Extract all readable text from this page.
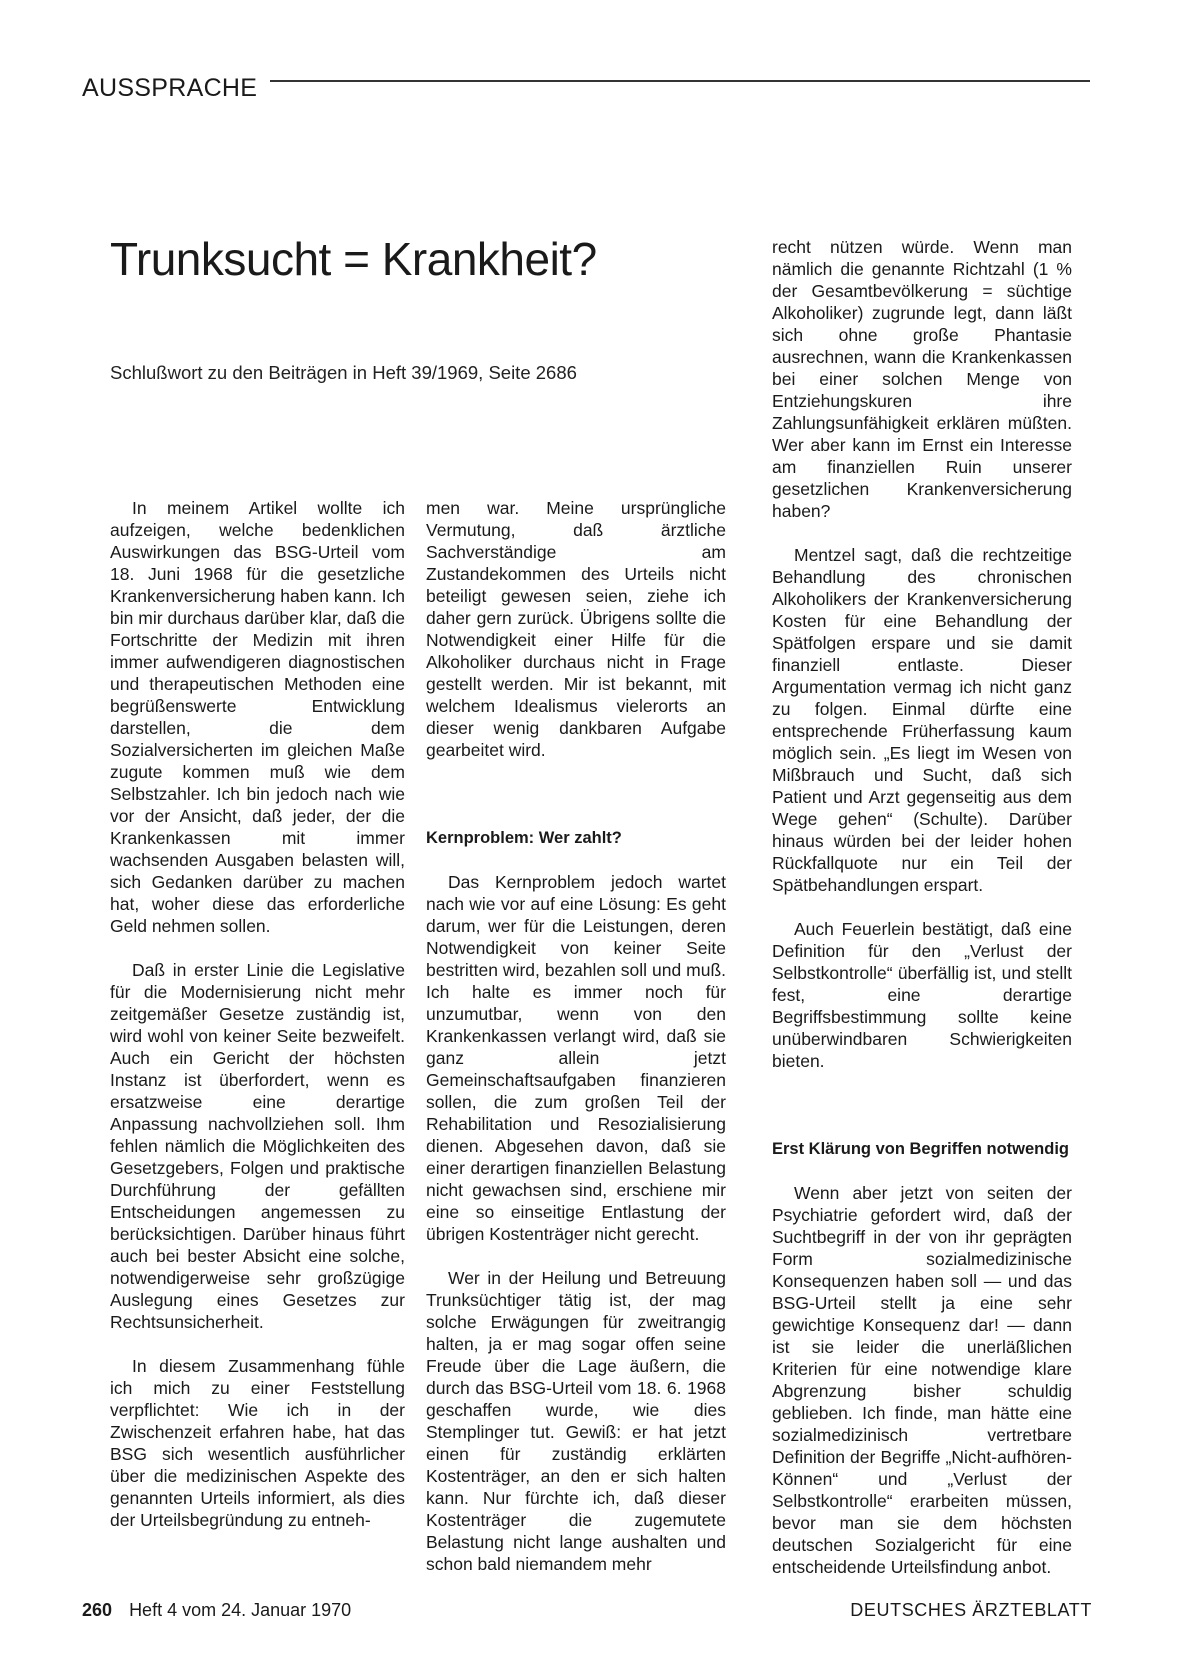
AUSSPRACHE
Trunksucht = Krankheit?
Schlußwort zu den Beiträgen in Heft 39/1969, Seite 2686

In meinem Artikel wollte ich aufzeigen, welche bedenklichen Auswirkungen das BSG-Urteil vom 18. Juni 1968 für die gesetzliche Krankenversicherung haben kann. Ich bin mir durchaus darüber klar, daß die Fortschritte der Medizin mit ihren immer aufwendigeren diagnostischen und therapeutischen Methoden eine begrüßenswerte Entwicklung darstellen, die dem Sozialversicherten im gleichen Maße zugute kommen muß wie dem Selbstzahler. Ich bin jedoch nach wie vor der Ansicht, daß jeder, der die Krankenkassen mit immer wachsenden Ausgaben belasten will, sich Gedanken darüber zu machen hat, woher diese das erforderliche Geld nehmen sollen.

Daß in erster Linie die Legislative für die Modernisierung nicht mehr zeitgemäßer Gesetze zuständig ist, wird wohl von keiner Seite bezweifelt. Auch ein Gericht der höchsten Instanz ist überfordert, wenn es ersatzweise eine derartige Anpassung nachvollziehen soll. Ihm fehlen nämlich die Möglichkeiten des Gesetzgebers, Folgen und praktische Durchführung der gefällten Entscheidungen angemessen zu berücksichtigen. Darüber hinaus führt auch bei bester Absicht eine solche, notwendigerweise sehr großzügige Auslegung eines Gesetzes zur Rechtsunsicherheit.

In diesem Zusammenhang fühle ich mich zu einer Feststellung verpflichtet: Wie ich in der Zwischenzeit erfahren habe, hat das BSG sich wesentlich ausführlicher über die medizinischen Aspekte des genannten Urteils informiert, als dies der Urteilsbegründung zu entneh-

men war. Meine ursprüngliche Vermutung, daß ärztliche Sachverständige am Zustandekommen des Urteils nicht beteiligt gewesen seien, ziehe ich daher gern zurück. Übrigens sollte die Notwendigkeit einer Hilfe für die Alkoholiker durchaus nicht in Frage gestellt werden. Mir ist bekannt, mit welchem Idealismus vielerorts an dieser wenig dankbaren Aufgabe gearbeitet wird.

Kernproblem: Wer zahlt?

Das Kernproblem jedoch wartet nach wie vor auf eine Lösung: Es geht darum, wer für die Leistungen, deren Notwendigkeit von keiner Seite bestritten wird, bezahlen soll und muß. Ich halte es immer noch für unzumutbar, wenn von den Krankenkassen verlangt wird, daß sie ganz allein jetzt Gemeinschaftsaufgaben finanzieren sollen, die zum großen Teil der Rehabilitation und Resozialisierung dienen. Abgesehen davon, daß sie einer derartigen finanziellen Belastung nicht gewachsen sind, erschiene mir eine so einseitige Entlastung der übrigen Kostenträger nicht gerecht.

Wer in der Heilung und Betreuung Trunksüchtiger tätig ist, der mag solche Erwägungen für zweitrangig halten, ja er mag sogar offen seine Freude über die Lage äußern, die durch das BSG-Urteil vom 18. 6. 1968 geschaffen wurde, wie dies Stemplinger tut. Gewiß: er hat jetzt einen für zuständig erklärten Kostenträger, an den er sich halten kann. Nur fürchte ich, daß dieser Kostenträger die zugemutete Belastung nicht lange aushalten und schon bald niemandem mehr

recht nützen würde. Wenn man nämlich die genannte Richtzahl (1 % der Gesamtbevölkerung = süchtige Alkoholiker) zugrunde legt, dann läßt sich ohne große Phantasie ausrechnen, wann die Krankenkassen bei einer solchen Menge von Entziehungskuren ihre Zahlungsunfähigkeit erklären müßten. Wer aber kann im Ernst ein Interesse am finanziellen Ruin unserer gesetzlichen Krankenversicherung haben?

Mentzel sagt, daß die rechtzeitige Behandlung des chronischen Alkoholikers der Krankenversicherung Kosten für eine Behandlung der Spätfolgen erspare und sie damit finanziell entlaste. Dieser Argumentation vermag ich nicht ganz zu folgen. Einmal dürfte eine entsprechende Früherfassung kaum möglich sein. „Es liegt im Wesen von Mißbrauch und Sucht, daß sich Patient und Arzt gegenseitig aus dem Wege gehen“ (Schulte). Darüber hinaus würden bei der leider hohen Rückfallquote nur ein Teil der Spätbehandlungen erspart.

Auch Feuerlein bestätigt, daß eine Definition für den „Verlust der Selbstkontrolle“ überfällig ist, und stellt fest, eine derartige Begriffsbestimmung sollte keine unüberwindbaren Schwierigkeiten bieten.

Erst Klärung von Begriffen notwendig

Wenn aber jetzt von seiten der Psychiatrie gefordert wird, daß der Suchtbegriff in der von ihr geprägten Form sozialmedizinische Konsequenzen haben soll — und das BSG-Urteil stellt ja eine sehr gewichtige Konsequenz dar! — dann ist sie leider die unerläßlichen Kriterien für eine notwendige klare Abgrenzung bisher schuldig geblieben. Ich finde, man hätte eine sozialmedizinisch vertretbare Definition der Begriffe „Nicht-aufhören-Können“ und „Verlust der Selbstkontrolle“ erarbeiten müssen, bevor man sie dem höchsten deutschen Sozialgericht für eine entscheidende Urteilsfindung anbot.

260 Heft 4 vom 24. Januar 1970	DEUTSCHES ÄRZTEBLATT
